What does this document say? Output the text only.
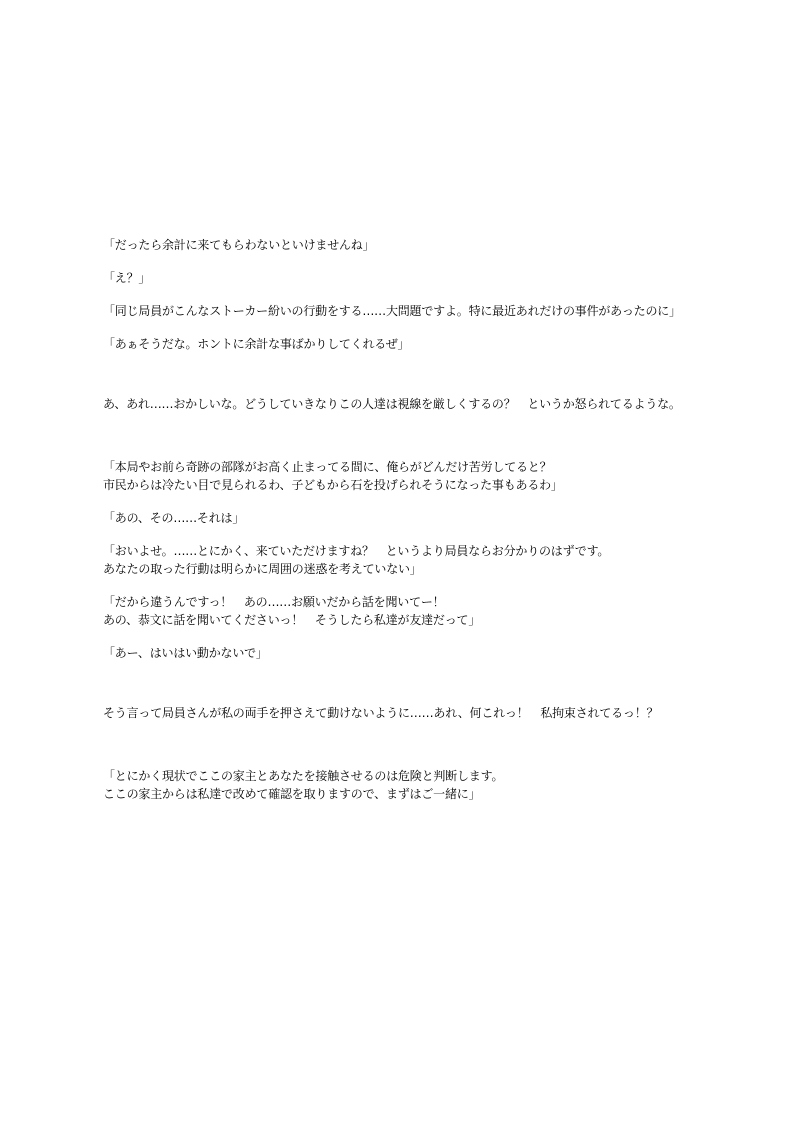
「だったら余計に来てもらわないといけませんね」

「え？」

「同じ局員がこんなストーカー紛いの行動をする……大問題ですよ。特に最近あれだけの事件があったのに」

「あぁそうだな。ホントに余計な事ばかりしてくれるぜ」

あ、あれ……おかしいな。どうしていきなりこの人達は視線を厳しくするの？　というか怒られてるような。

「本局やお前ら奇跡の部隊がお高く止まってる間に、俺らがどんだけ苦労してると？
市民からは冷たい目で見られるわ、子どもから石を投げられそうになった事もあるわ」

「あの、その……それは」

「おいよせ。……とにかく、来ていただけますね？　というより局員ならお分かりのはずです。
あなたの取った行動は明らかに周囲の迷惑を考えていない」

「だから違うんですっ！　あの……お願いだから話を聞いてー！
あの、恭文に話を聞いてくださいっ！　そうしたら私達が友達だって」

「あー、はいはい動かないで」

そう言って局員さんが私の両手を押さえて動けないように……あれ、何これっ！　私拘束されてるっ！？

「とにかく現状でここの家主とあなたを接触させるのは危険と判断します。
ここの家主からは私達で改めて確認を取りますので、まずはご一緒に」
